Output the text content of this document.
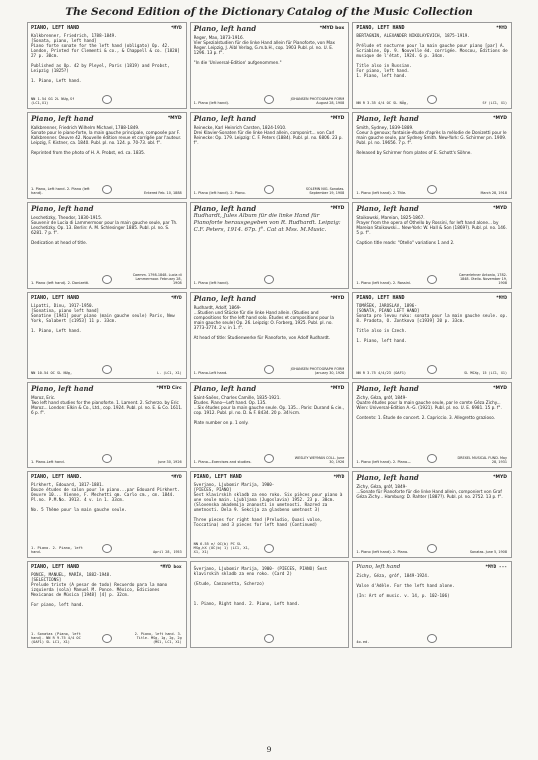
The Second Edition of the Dictionary Catalog of the Music Collection
PIANO, LEFT HAND	*MYD
Kalkbrenner, Friedrich, 1788-1849.
[Sonata, piano, left hand]
Piano forte sonate for the left hand (obligato) Op. 42. London, Printed for Clementi & co., & Chappell & co. [1820] 27 p. 30cm.

Published as Op. 42 by Pleyel, Paris (1819) and Probst, Leipzig (1825?)

1. Piano, Left hand.
NN 1.54 GG 2L NUg,Sf (LC1,X1)
Piano, left hand	*MYD box
Reger, Max, 1873-1916.
Vier Spezialstudien für die linke Hand allein für Pianoforte, von Max Reger. Leipzig, J. Aibl Verlag, G.m.b.H., cop. 1903 Publ. pl. no. U. E. 1296. 13 p. f°.

"In die 'Universal-Edition' aufgenommen."
1. Piano (left hand).
JOHANSEN PHOTOGRAPH FORM August 28, 1908
PIANO, LEFT HAND	*MYD
BERTAGNIN, ALEXANDER NIKOLAYEVICH, 1875-1919.

Prélude et nocturne pour la main gauche pour piano [par] A. Scriabine, Op. 9. Nouvelle éd. corrigée. Moscou, Éditions de musique de l'état, 1924. 6 p. 34cm.

Title also in Russian.
For piano, left hand.
1. Piano, left hand.
NN R 3.35 4/4 OC SL NÜg,	Sf (LC1, X1)
Piano, left hand	*MYD
Kalkbrenner, Friedrich Wilhelm Michael, 1788-1849.
Sonate pour le piano-forte, la main gauche principale, composée par F. Kalkbrenner. Oeuvre 42. Nouvelle édition revue et corrigée par l'auteur. Leipzig, F. Kistner, ca. 1840. Publ. pl. no. 124. p. 70-73. obl. f°.

Reprinted from the photo of H. A. Probst, ed. ca. 1835.
1. Piano, Left hand. 2. Piano (left hand).	Entered Feb. 10, 1888
Piano, left hand	*MYD
Reinecke, Karl Heinrich Carsten, 1824-1910.
Drei Klavier-Sonaten für die linke Hand allein, componirt... von Carl Reinecke: Op. 179. Leipzig: C. F. Peters (1884). Publ. pl. no. 6806. 23 p. f°.
1. Piano (left hand). 2. Piano.
SOLEMN NIG. Sonatas. September 19, 1908
Piano, left hand	*MYD
Smith, Sydney, 1839-1889.
Coeur à genoux; fantaisie-étude d'après la mélodie de Donizetti pour le main gauche seule, par Sydney Smith. New-York: G. Schirmer pn. 1909. Publ. pl. no. 19656. 7 p. f°.

Released by Schirmer from plates of E. Schott's Söhne.
1. Piano (left hand). 2. Title.	March 28, 1918
Piano, left hand
Leschetizky, Theodor, 1830-1915.
Souvenir de Lucia di Lammermoor pour la main gauche seule, par Th. Leschetizky. Op. 13. Berlin: A. M. Schlesinger 1885. Publ. pl. no. S. 6281. 7 p. f°.

Dedication at head of title.
1. Piano (left hand). 2. Donizetti.
Caemm. 1798-1848. Lucia di Lammermoor. February 28, 1908
Piano, left hand
Rudhardt, Jules Album für die linke Hand für Pianoforte herausgegeben von R. Rudhardt. Leipzig: C.F. Peters, 1914. 67p. f°. Cat at Mss. M.Music.
*MYD
1. Piano (left hand).
Piano, left hand	*MYD
Stoikowski, Mareian, 1825-1867.
Prayer from the opera of Othello by Rossini, for left hand alone... by Mareian Stoikowski... New-York: W. Hall & Son (1869?). Publ. pl. no. 146. 5 p. f°.

Caption title reads: "Otello" variations 1 and 2.
1. Piano (left hand). 2. Rossini.
Camerlehner Antonio, 1782-1848. Otello. November 19, 1908
PIANO, LEFT HAND	*MYD
Lipatti, Dinu, 1917-1950.
[Sonatina, piano left hand]
Sonatine [1941] pour piano (main gauche seule) Paris, New York, Salabert [c1953] 11 p. 33cm.

1. Piano, Left hand.
NN 10.54 OC SL NUg,	L. (LC1, X1)
Piano, left hand	*MYD
Rudhardt, Adolf, 1869-
...Studien und Stücke für die linke Hand allein. (Studies and compositions for the left hand solo. Études et compositions pour la main gauche seule) Op. 26. Leipzig: O. Forberg, 1925. Publ. pl. no. 3773-3774. 2 v. in 1. f°.

At head of title: Studienwerke für Pianoforte, von Adolf Rudhardt.
1. Piano-Left hand.
JOHANSEN PHOTOGRAPH FORM January 30, 1926
PIANO, LEFT HAND	*MYD
TOMÁŠEK, JAROSLAV, 1896-
[SONATA, PIANO LEFT HAND]
Sonata pro levou ruku: sonata pour la main gauche seule. op. 8. Pradota, O. Zontkova [c1939] 20 p. 33cm.

Title also in Czech.

1. Piano, left hand.
NN R 3.75 4/4/23 (OAF1)	SL MSXg, 15 (LC1, X1)
Piano, left hand	*MYD Circ
Moroz, Eric.
Two left hand studies for the pianoforte. 1. Lament. 2. Scherzo. by Eric Moroz... London: Elkin & Co., Ltd., cop. 1924. Publ. pl. no. E. & Co. 1611. 6 p. f°.
1. Piano-Left hand.	June 30, 1926
Piano, left hand	*MYD
Saint-Saëns, Charles Camille, 1835-1921.
Études. Piano—Left hand. Op. 135.
...Six études pour la main gauche seule. Op. 135... Paris: Durand & cie., cop. 1912. Publ. pl. no. D. & F. 8434. 20 p. 34½cm.

Plate number on p. 1 only.
1. Piano—Exercises and studies.
WESLEY WEYMAN COLL. June 30, 1926
Piano, left hand	*MYD
Zichy, Géza, gróf, 1849-
Quatre études pour la main gauche seule, par le comte Géza Zichy... Wien: Universal-Edition A.-G. (1921). Publ. pl. no. U. E. 6981. 15 p. f°.

Contents: 1. Étude de concert. 2. Capriccio. 3. Allegretto grazioso.
1. Piano (left hand). 2. Piano—
DREXEL MUSICAL FUND. May 28, 1931
PIANO, LEFT HAND.	*MYD
Pirkhert, Edouard, 1817-1881.
Douze études de salon pour le piano...par Edouard Pirkhert. Oeuvre 10... Vienne, F. Mechetti qm. Carlo cm., cm. 1844. Pl.no. P.M.No. 3913. 4 v. in 1. 33cm.

No. 5 Thème pour la main gauche seule.
1. Piano. 2. Piano, left hand.	April 28, 1953
PIANO, LEFT HAND	*MYD
Sverjano, Ljubomir Marija, 1900-
[PIECES, PIANO]
Šest klavirskih skladb za eno roko. Six pièces pour piano à une seule main. Ljubljana (Jugoslavia) 1952. 23 p. 30cm. (Slovenska akademija znanosti in umetnosti. Razred za umetnosti. Dela 9. Sekcija za glasbeno umetnost 3)

Three pieces for right hand (Preludio, Quasi valse, Toccatina) and 3 pieces for left hand (Continued)
NN 6.55 e/ OC(b) PC SL MSg,hX (OC(b) 1) (LC1, X1, X1, X1)
Piano, left hand	*MYD
Zichy, Géza, gróf, 1849-
...Sonate für Pianoforte für die linke Hand allein, componiert von Graf Géza Zichy... Hamburg: D. Rahter (1887?). Publ. pl. no. 2752. 13 p. f°.
1. Piano (left hand). 2. Piano.	Sonatas. June 5, 1908
PIANO, LEFT HAND	*MYD box
PONCE, MANUEL, MARÍA, 1882-1948.
[SELECTIONS]
Prelude triste (A pesar de todo) Recuerdo para la mano izquierda (sola) Manuel M. Ponce. México, Ediciones Mexicanas de Música [1948] [4] p. 32cm.

For piano, left hand.
1. Sonatas (Piano, left hand). NN R 9.75 4/4 OC (OAF1) SL LC1, X1)
2. Piano, left hand. 3. Title. MSg, 1g, 2g, 2g (MS1, LC1, X1)
Šverjano, Ljubomir Marija, 1900- (PIECES, PIANO) Šest klavirskih skladb za eno roko. (Card 2)

(Etude, Canzonetta, Scherzo)

1. Piano, Right hand. 2. Piano, Left hand.
Piano, left hand	*MYD ---
Zichy, Géza, gróf, 1849-1924.

Valse d'Adèle. For the left hand alone.

(In: Art of music. v. 14, p. 102-106)
4o.ed.
9
